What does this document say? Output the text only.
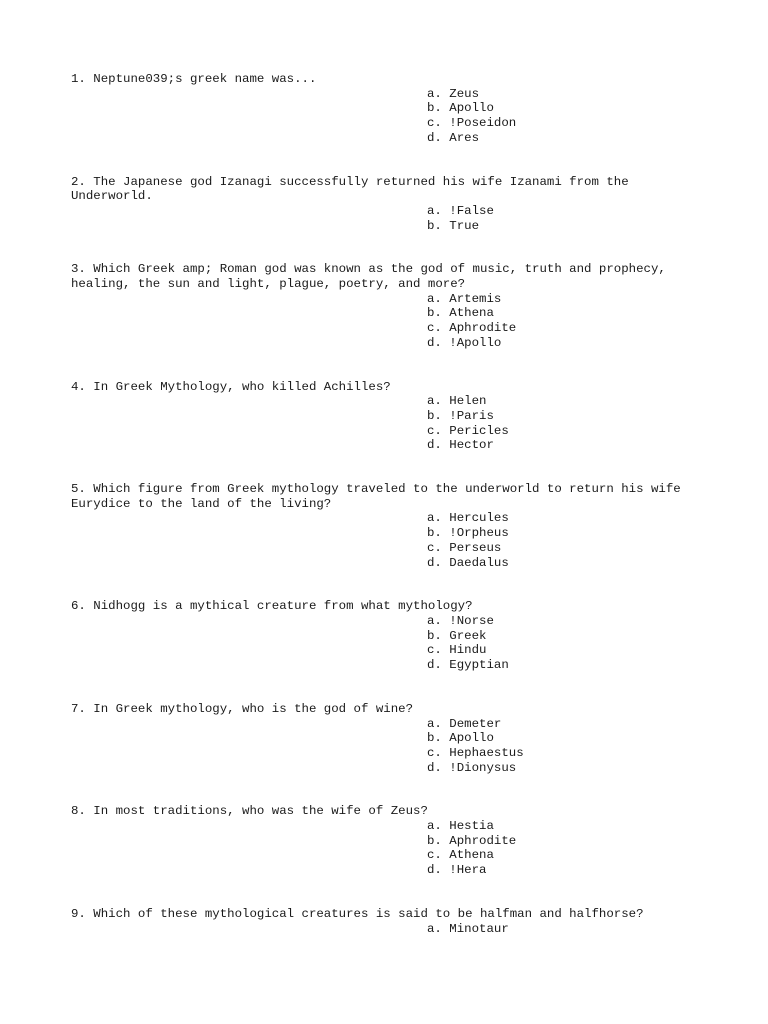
1. Neptune039;s greek name was...

a. Zeus
b. Apollo
c. !Poseidon
d. Ares

2. The Japanese god Izanagi successfully returned his wife Izanami from the
Underworld.

a. !False
b. True

3. Which Greek amp; Roman god was known as the god of music, truth and prophecy,
healing, the sun and light, plague, poetry, and more?

a. Artemis
b. Athena
c. Aphrodite
d. !Apollo

4. In Greek Mythology, who killed Achilles?

a. Helen
b. !Paris
c. Pericles
d. Hector

5. Which figure from Greek mythology traveled to the underworld to return his wife
Eurydice to the land of the living?

a. Hercules
b. !Orpheus
c. Perseus
d. Daedalus

6. Nidhogg is a mythical creature from what mythology?

a. !Norse
b. Greek
c. Hindu
d. Egyptian

7. In Greek mythology, who is the god of wine?

a. Demeter
b. Apollo
c. Hephaestus
d. !Dionysus

8. In most traditions, who was the wife of Zeus?

a. Hestia
b. Aphrodite
c. Athena
d. !Hera

9. Which of these mythological creatures is said to be halfman and halfhorse?

a. Minotaur
